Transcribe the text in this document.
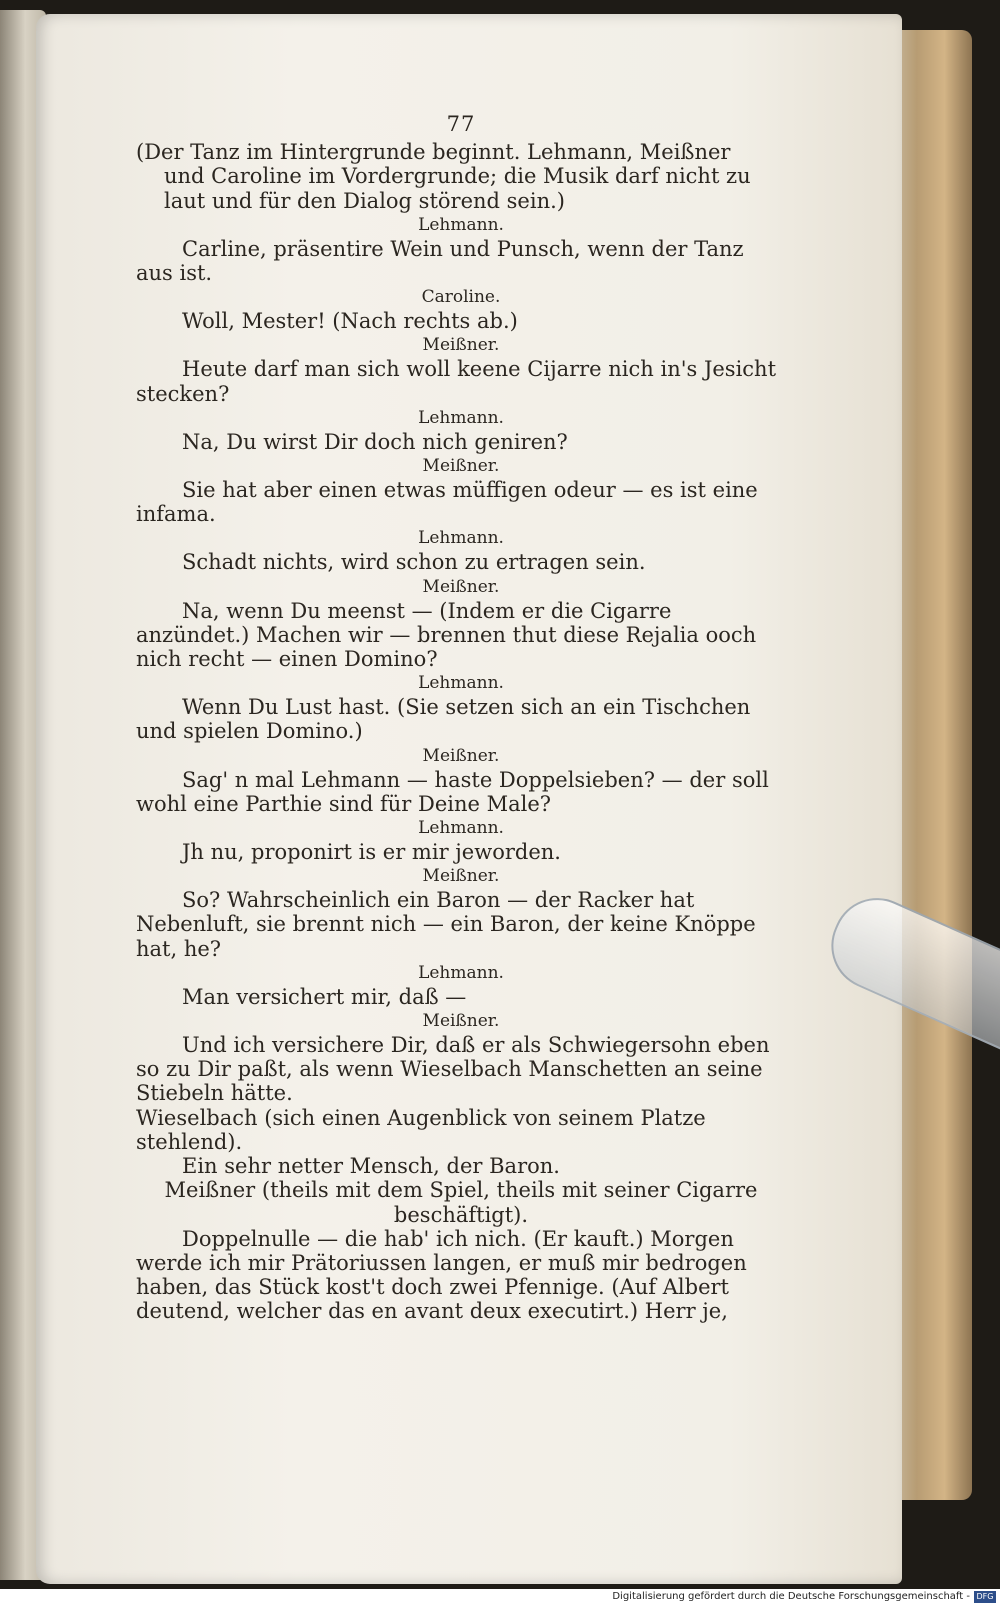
77

(Der Tanz im Hintergrunde beginnt. Lehmann, Meißner

und Caroline im Vordergrunde; die Musik darf nicht zu

laut und für den Dialog störend sein.)

Lehmann.

Carline, präsentire Wein und Punsch, wenn der Tanz aus ist.

Caroline.

Woll, Mester! (Nach rechts ab.)

Meißner.

Heute darf man sich woll keene Cijarre nich in's Jesicht stecken?

Lehmann.

Na, Du wirst Dir doch nich geniren?

Meißner.

Sie hat aber einen etwas müffigen odeur — es ist eine infama.

Lehmann.

Schadt nichts, wird schon zu ertragen sein.

Meißner.

Na, wenn Du meenst — (Indem er die Cigarre anzündet.) Machen wir — brennen thut diese Rejalia ooch nich recht — einen Domino?

Lehmann.

Wenn Du Lust hast. (Sie setzen sich an ein Tischchen und spielen Domino.)

Meißner.

Sag' n mal Lehmann — haste Doppelsieben? — der soll wohl eine Parthie sind für Deine Male?

Lehmann.

Jh nu, proponirt is er mir jeworden.

Meißner.

So? Wahrscheinlich ein Baron — der Racker hat Nebenluft, sie brennt nich — ein Baron, der keine Knöppe hat, he?

Lehmann.

Man versichert mir, daß —

Meißner.

Und ich versichere Dir, daß er als Schwiegersohn eben so zu Dir paßt, als wenn Wieselbach Manschetten an seine Stiebeln hätte.

Wieselbach (sich einen Augenblick von seinem Platze stehlend).

Ein sehr netter Mensch, der Baron.

Meißner (theils mit dem Spiel, theils mit seiner Cigarre beschäftigt).

Doppelnulle — die hab' ich nich. (Er kauft.) Morgen werde ich mir Prätoriussen langen, er muß mir bedrogen haben, das Stück kost't doch zwei Pfennige. (Auf Albert deutend, welcher das en avant deux executirt.) Herr je,

Digitalisierung gefördert durch die Deutsche Forschungsgemeinschaft - DFG
